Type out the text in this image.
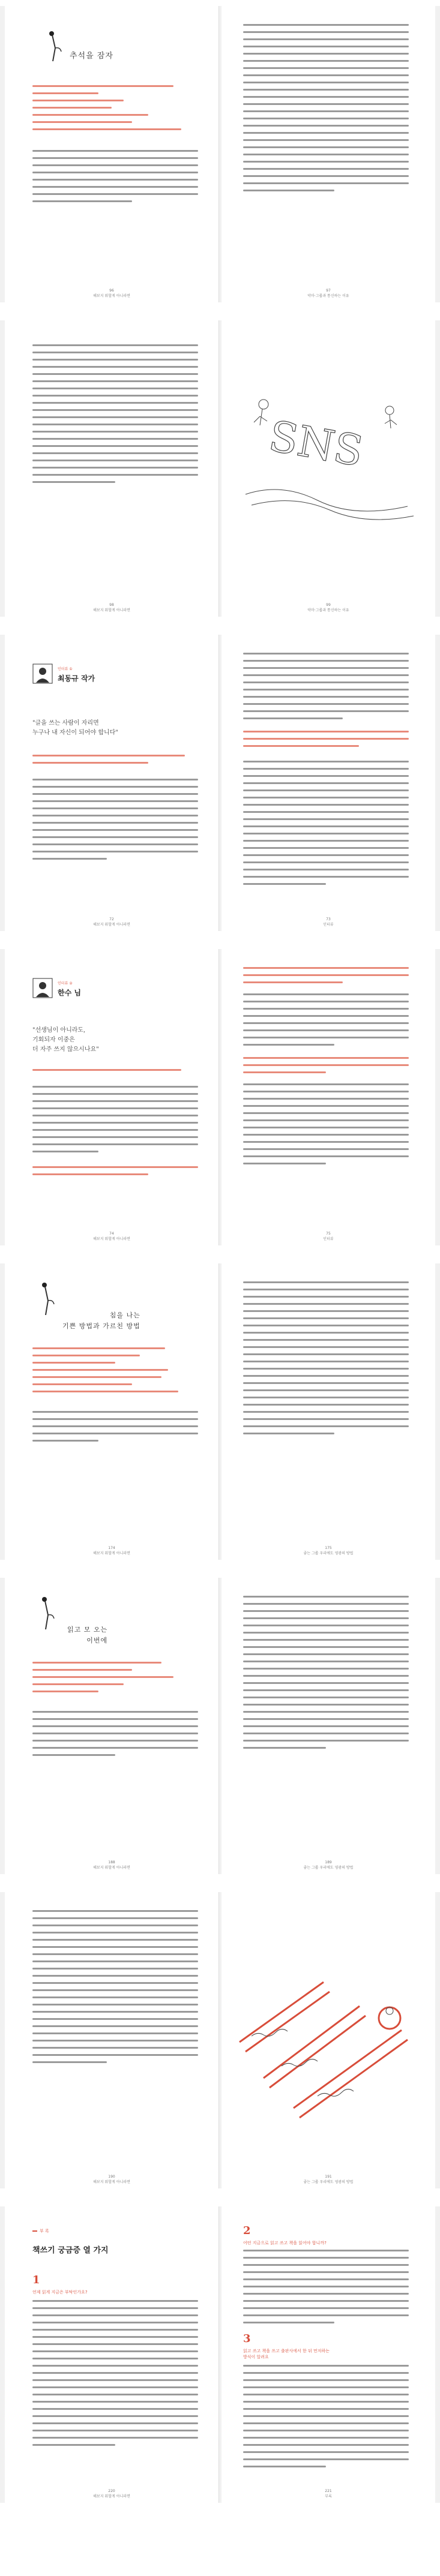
추석을 잠자
96
해보지 뭐할게 아니라면
97
악마·그룹과 통신하는 이유
98
해보지 뭐할게 아니라면
SNS
99
악마·그룹과 통신하는 이유
인터뷰 ①
최동규 작가
"글을 쓰는 사람이 자리면
누구나 내 자신이 되어야 합니다"
72
해보지 뭐할게 아니라면
73
인터뷰
인터뷰 ②
한수 님
"선생님이 아니라도,
기회되자 이중은
더 자주 쓰지 않으시나요"
74
해보지 뭐할게 아니라면
75
인터뷰
침을 나는
기쁜 방법과 가르친 방법
174
해보지 뭐할게 아니라면
175
좋는 그룹 우리에도 영광의 방법
읽고 모 오는
이번에
188
해보지 뭐할게 아니라면
189
좋는 그룹 우리에도 영광의 방법
190
해보지 뭐할게 아니라면
191
좋는 그룹 우리에도 영광의 방법
부 록
책쓰기 궁금증 열 가지
1
언제 읽게 지금은 부탁인가요?
220
해보지 뭐할게 아니라면
2
어떤 지금으로 읽고 쓰고 책을 읽어야 합니까?
3
읽고 쓰고 책을 쓰고 출판사에서 한 뒤 먼저하는
방식이 알려요
221
부록
